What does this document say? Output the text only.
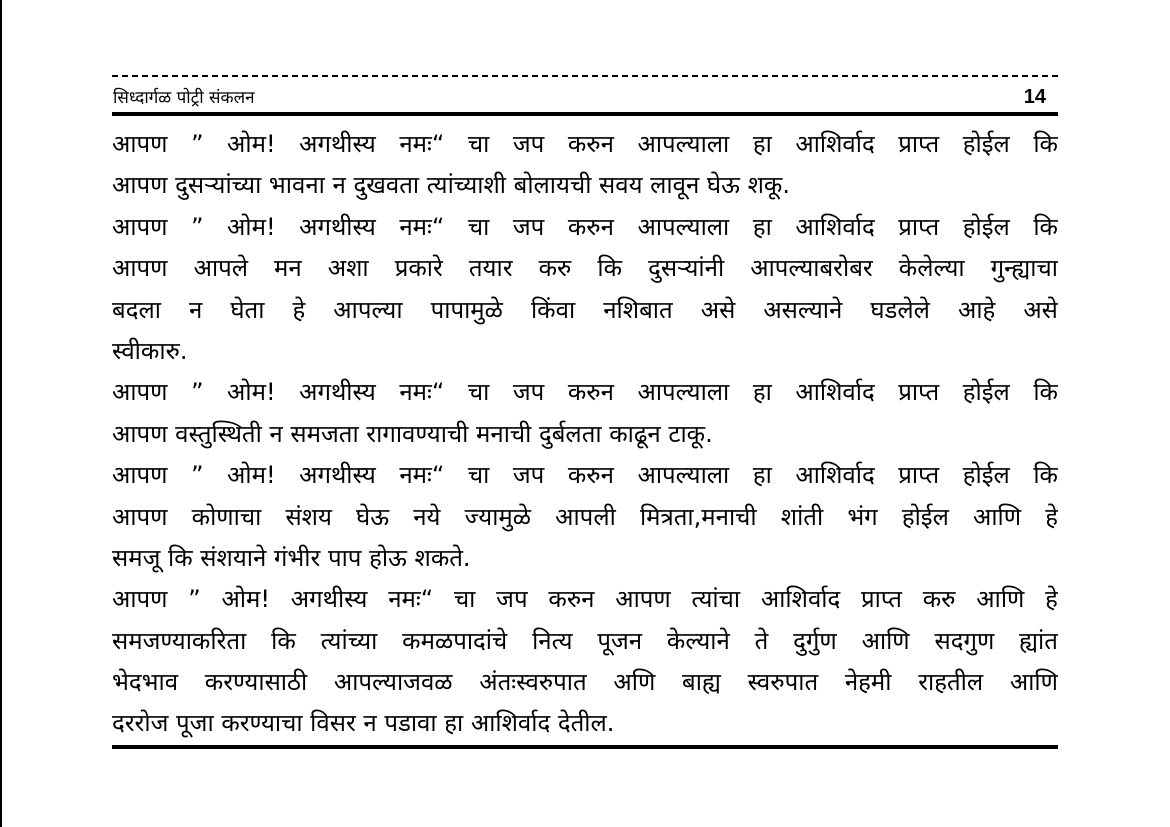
सिध्दार्गळ पोट्री संकलन	14
आपण ” ओम! अगथीस्य नमः“ चा जप करुन आपल्याला हा आशिर्वाद प्राप्त होईल कि
आपण दुसऱ्यांच्या भावना न दुखवता त्यांच्याशी बोलायची सवय लावून घेऊ शकू.
आपण ” ओम! अगथीस्य नमः“ चा जप करुन आपल्याला हा आशिर्वाद प्राप्त होईल कि
आपण आपले मन अशा प्रकारे तयार करु कि दुसऱ्यांनी आपल्याबरोबर केलेल्या गुन्ह्याचा
बदला न घेता हे आपल्या पापामुळे किंवा नशिबात असे असल्याने घडलेले आहे असे
स्वीकारु.
आपण ” ओम! अगथीस्य नमः“ चा जप करुन आपल्याला हा आशिर्वाद प्राप्त होईल कि
आपण वस्तुस्थिती न समजता रागावण्याची मनाची दुर्बलता काढून टाकू.
आपण ” ओम! अगथीस्य नमः“ चा जप करुन आपल्याला हा आशिर्वाद प्राप्त होईल कि
आपण कोणाचा संशय घेऊ नये ज्यामुळे आपली मित्रता,मनाची शांती भंग होईल आणि हे
समजू कि संशयाने गंभीर पाप होऊ शकते.
आपण ” ओम! अगथीस्य नमः“ चा जप करुन आपण त्यांचा आशिर्वाद प्राप्त करु आणि हे
समजण्याकरिता कि त्यांच्या कमळपादांचे नित्य पूजन केल्याने ते दुर्गुण आणि सदगुण ह्यांत
भेदभाव करण्यासाठी आपल्याजवळ अंतःस्वरुपात अणि बाह्य स्वरुपात नेहमी राहतील आणि
दररोज पूजा करण्याचा विसर न पडावा हा आशिर्वाद देतील.
